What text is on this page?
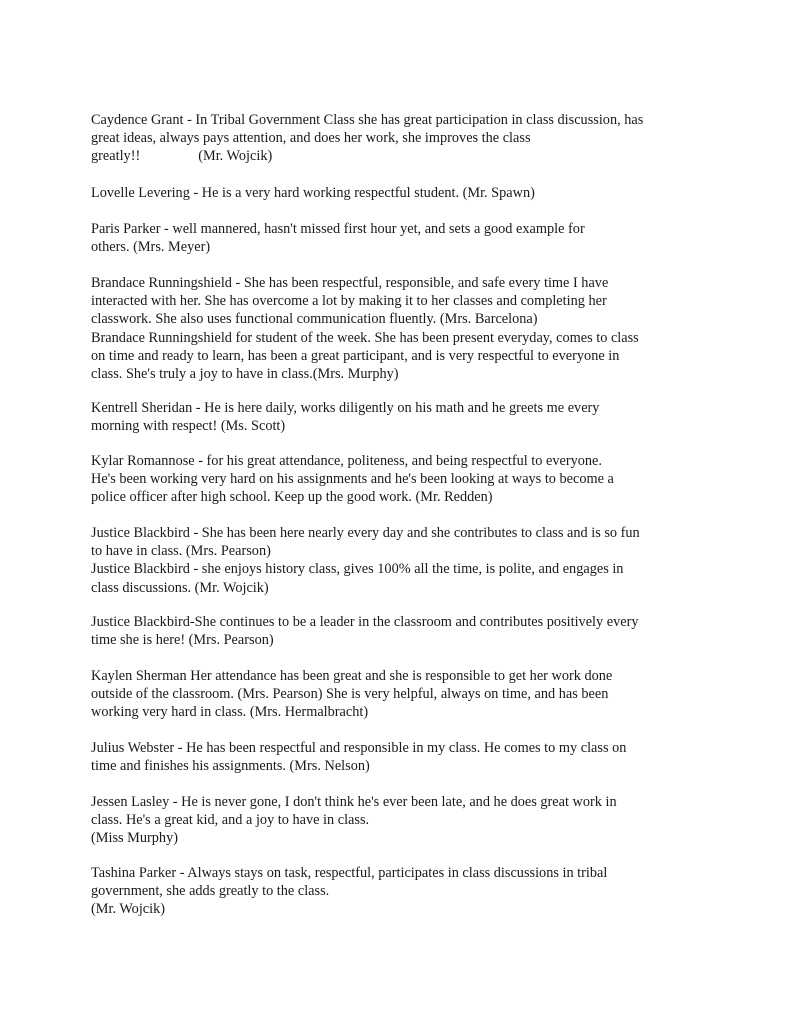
Caydence Grant - In Tribal Government Class she has great participation in class discussion, has
great ideas, always pays attention, and does her work, she improves the class
greatly!!	(Mr. Wojcik)

Lovelle Levering - He is a very hard working respectful student. (Mr. Spawn)

Paris Parker - well mannered, hasn't missed first hour yet, and sets a good example for
others. (Mrs. Meyer)

Brandace Runningshield - She has been respectful, responsible, and safe every time I have
interacted with her. She has overcome a lot by making it to her classes and completing her
classwork. She also uses functional communication fluently. (Mrs. Barcelona)
Brandace Runningshield for student of the week. She has been present everyday, comes to class
on time and ready to learn, has been a great participant, and is very respectful to everyone in
class. She's truly a joy to have in class.(Mrs. Murphy)

Kentrell Sheridan - He is here daily, works diligently on his math and he greets me every
morning with respect! (Ms. Scott)

Kylar Romannose - for his great attendance, politeness, and being respectful to everyone.
He's been working very hard on his assignments and he's been looking at ways to become a
police officer after high school. Keep up the good work. (Mr. Redden)

Justice Blackbird - She has been here nearly every day and she contributes to class and is so fun
to have in class. (Mrs. Pearson)
Justice Blackbird - she enjoys history class, gives 100% all the time, is polite, and engages in
class discussions. (Mr. Wojcik)

Justice Blackbird-She continues to be a leader in the classroom and contributes positively every
time she is here! (Mrs. Pearson)

Kaylen Sherman Her attendance has been great and she is responsible to get her work done
outside of the classroom. (Mrs. Pearson) She is very helpful, always on time, and has been
working very hard in class. (Mrs. Hermalbracht)

Julius Webster - He has been respectful and responsible in my class. He comes to my class on
time and finishes his assignments. (Mrs. Nelson)

Jessen Lasley - He is never gone, I don't think he's ever been late, and he does great work in
class. He's a great kid, and a joy to have in class.
(Miss Murphy)

Tashina Parker - Always stays on task, respectful, participates in class discussions in tribal
government, she adds greatly to the class.
(Mr. Wojcik)
